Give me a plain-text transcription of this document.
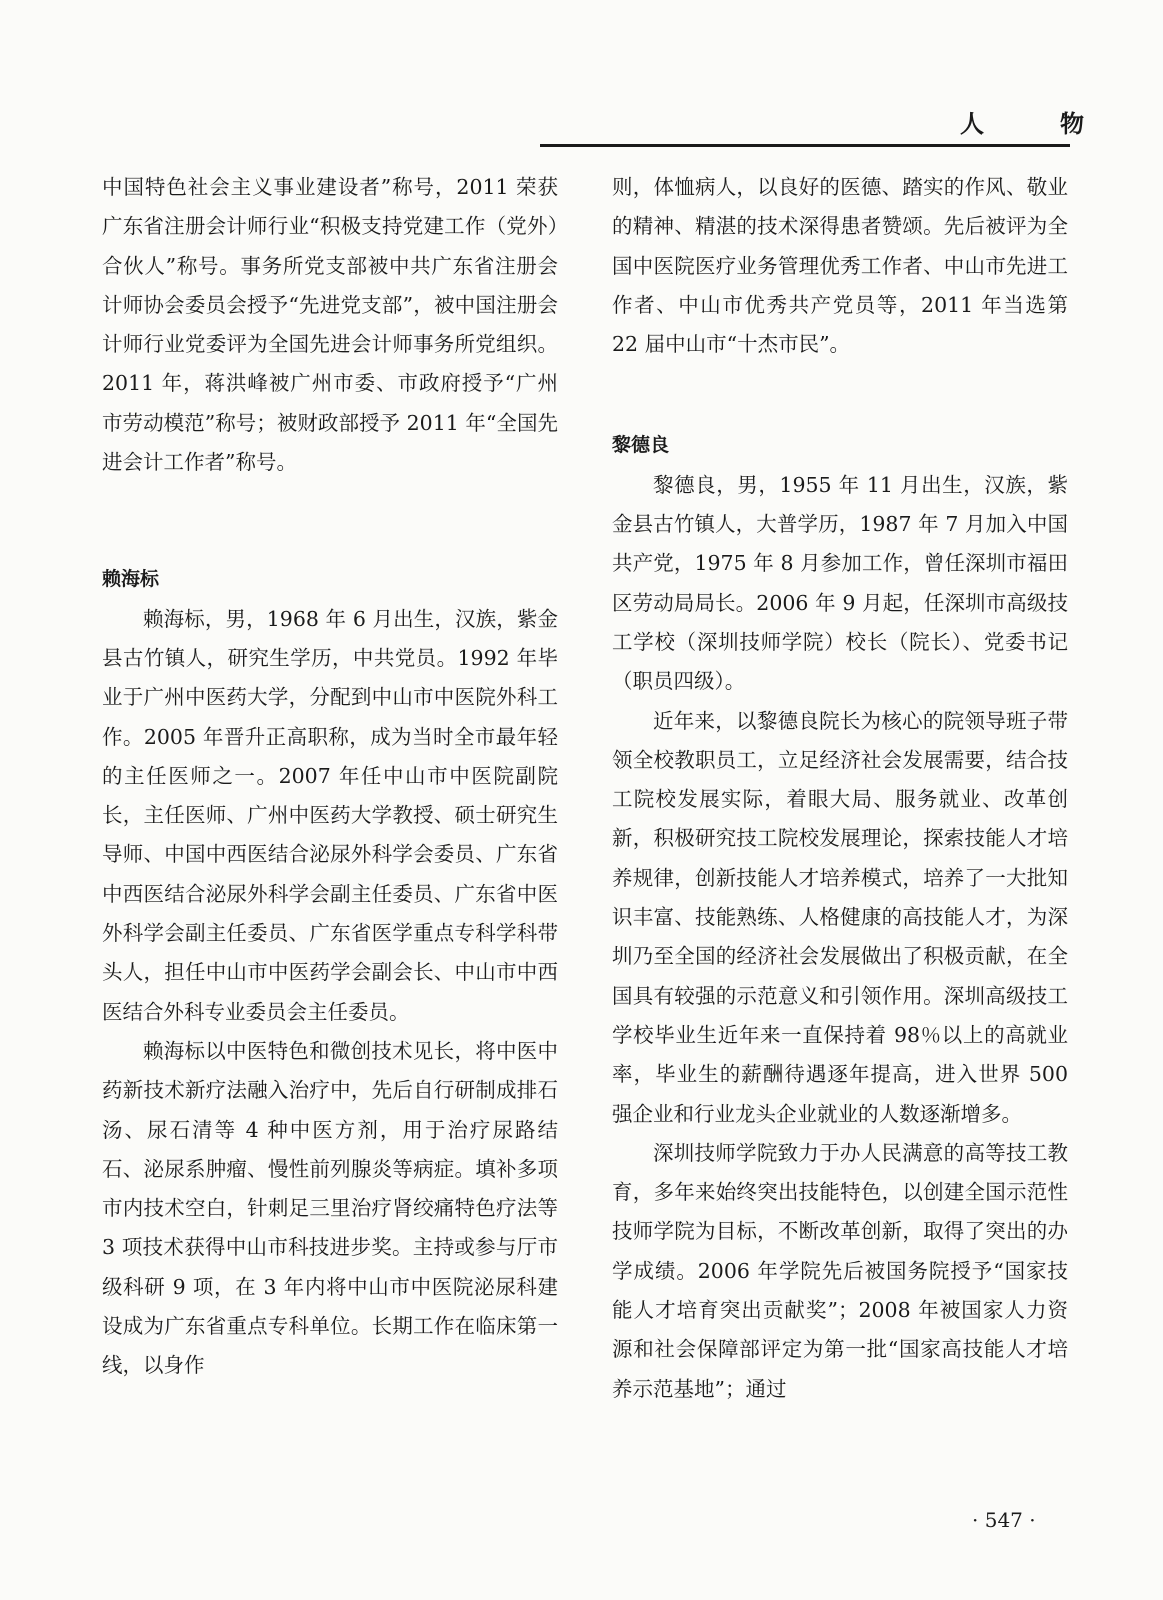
人　物

中国特色社会主义事业建设者”称号，2011 荣获广东省注册会计师行业“积极支持党建工作（党外）合伙人”称号。事务所党支部被中共广东省注册会计师协会委员会授予“先进党支部”，被中国注册会计师行业党委评为全国先进会计师事务所党组织。2011 年，蒋洪峰被广州市委、市政府授予“广州市劳动模范”称号；被财政部授予 2011 年“全国先进会计工作者”称号。

赖海标

赖海标，男，1968 年 6 月出生，汉族，紫金县古竹镇人，研究生学历，中共党员。1992 年毕业于广州中医药大学，分配到中山市中医院外科工作。2005 年晋升正高职称，成为当时全市最年轻的主任医师之一。2007 年任中山市中医院副院长，主任医师、广州中医药大学教授、硕士研究生导师、中国中西医结合泌尿外科学会委员、广东省中西医结合泌尿外科学会副主任委员、广东省中医外科学会副主任委员、广东省医学重点专科学科带头人，担任中山市中医药学会副会长、中山市中西医结合外科专业委员会主任委员。

赖海标以中医特色和微创技术见长，将中医中药新技术新疗法融入治疗中，先后自行研制成排石汤、尿石清等 4 种中医方剂，用于治疗尿路结石、泌尿系肿瘤、慢性前列腺炎等病症。填补多项市内技术空白，针刺足三里治疗肾绞痛特色疗法等 3 项技术获得中山市科技进步奖。主持或参与厅市级科研 9 项，在 3 年内将中山市中医院泌尿科建设成为广东省重点专科单位。长期工作在临床第一线，以身作

则，体恤病人，以良好的医德、踏实的作风、敬业的精神、精湛的技术深得患者赞颂。先后被评为全国中医院医疗业务管理优秀工作者、中山市先进工作者、中山市优秀共产党员等，2011 年当选第 22 届中山市“十杰市民”。

黎德良

黎德良，男，1955 年 11 月出生，汉族，紫金县古竹镇人，大普学历，1987 年 7 月加入中国共产党，1975 年 8 月参加工作，曾任深圳市福田区劳动局局长。2006 年 9 月起，任深圳市高级技工学校（深圳技师学院）校长（院长）、党委书记（职员四级）。

近年来，以黎德良院长为核心的院领导班子带领全校教职员工，立足经济社会发展需要，结合技工院校发展实际，着眼大局、服务就业、改革创新，积极研究技工院校发展理论，探索技能人才培养规律，创新技能人才培养模式，培养了一大批知识丰富、技能熟练、人格健康的高技能人才，为深圳乃至全国的经济社会发展做出了积极贡献，在全国具有较强的示范意义和引领作用。深圳高级技工学校毕业生近年来一直保持着 98％以上的高就业率，毕业生的薪酬待遇逐年提高，进入世界 500 强企业和行业龙头企业就业的人数逐渐增多。

深圳技师学院致力于办人民满意的高等技工教育，多年来始终突出技能特色，以创建全国示范性技师学院为目标，不断改革创新，取得了突出的办学成绩。2006 年学院先后被国务院授予“国家技能人才培育突出贡献奖”；2008 年被国家人力资源和社会保障部评定为第一批“国家高技能人才培养示范基地”；通过

· 547 ·
